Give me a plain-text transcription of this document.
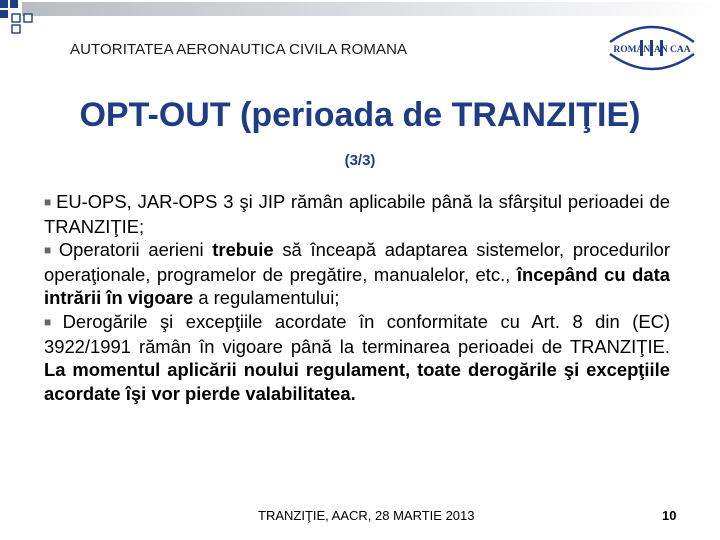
AUTORITATEA AERONAUTICA CIVILA ROMANA	ROMANIAN CAA
OPT-OUT (perioada de TRANZIŢIE)
(3/3)

■ EU-OPS, JAR-OPS 3 şi JIP rămân aplicabile până la sfârşitul perioadei de TRANZIŢIE;

■ Operatorii aerieni trebuie să înceapă adaptarea sistemelor, procedurilor operaţionale, programelor de pregătire, manualelor, etc., începând cu data intrării în vigoare a regulamentului;

■ Derogările şi excepţiile acordate în conformitate cu Art. 8 din (EC) 3922/1991 rămân în vigoare până la terminarea perioadei de TRANZIŢIE. La momentul aplicării noului regulament, toate derogările şi excepţiile acordate îşi vor pierde valabilitatea.

TRANZIŢIE, AACR, 28 MARTIE 2013	10
